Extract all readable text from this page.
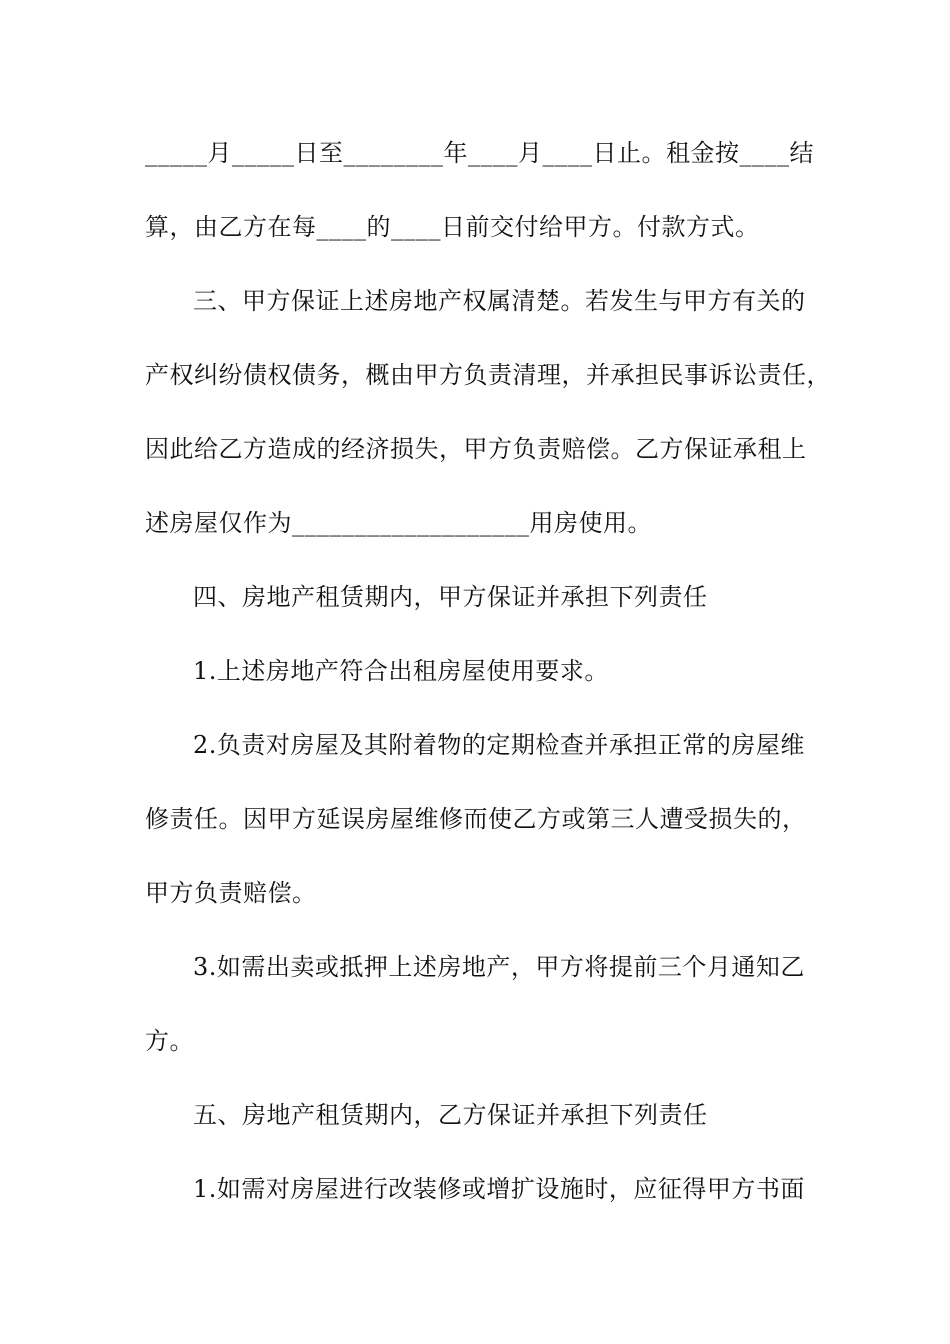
_____月_____日至________年____月____日止。租金按____结
算，由乙方在每____的____日前交付给甲方。付款方式。
三、甲方保证上述房地产权属清楚。若发生与甲方有关的
产权纠纷债权债务，概由甲方负责清理，并承担民事诉讼责任，
因此给乙方造成的经济损失，甲方负责赔偿。乙方保证承租上
述房屋仅作为___________________用房使用。
四、房地产租赁期内，甲方保证并承担下列责任
1.上述房地产符合出租房屋使用要求。
2.负责对房屋及其附着物的定期检查并承担正常的房屋维
修责任。因甲方延误房屋维修而使乙方或第三人遭受损失的，
甲方负责赔偿。
3.如需出卖或抵押上述房地产，甲方将提前三个月通知乙
方。
五、房地产租赁期内，乙方保证并承担下列责任
1.如需对房屋进行改装修或增扩设施时，应征得甲方书面
